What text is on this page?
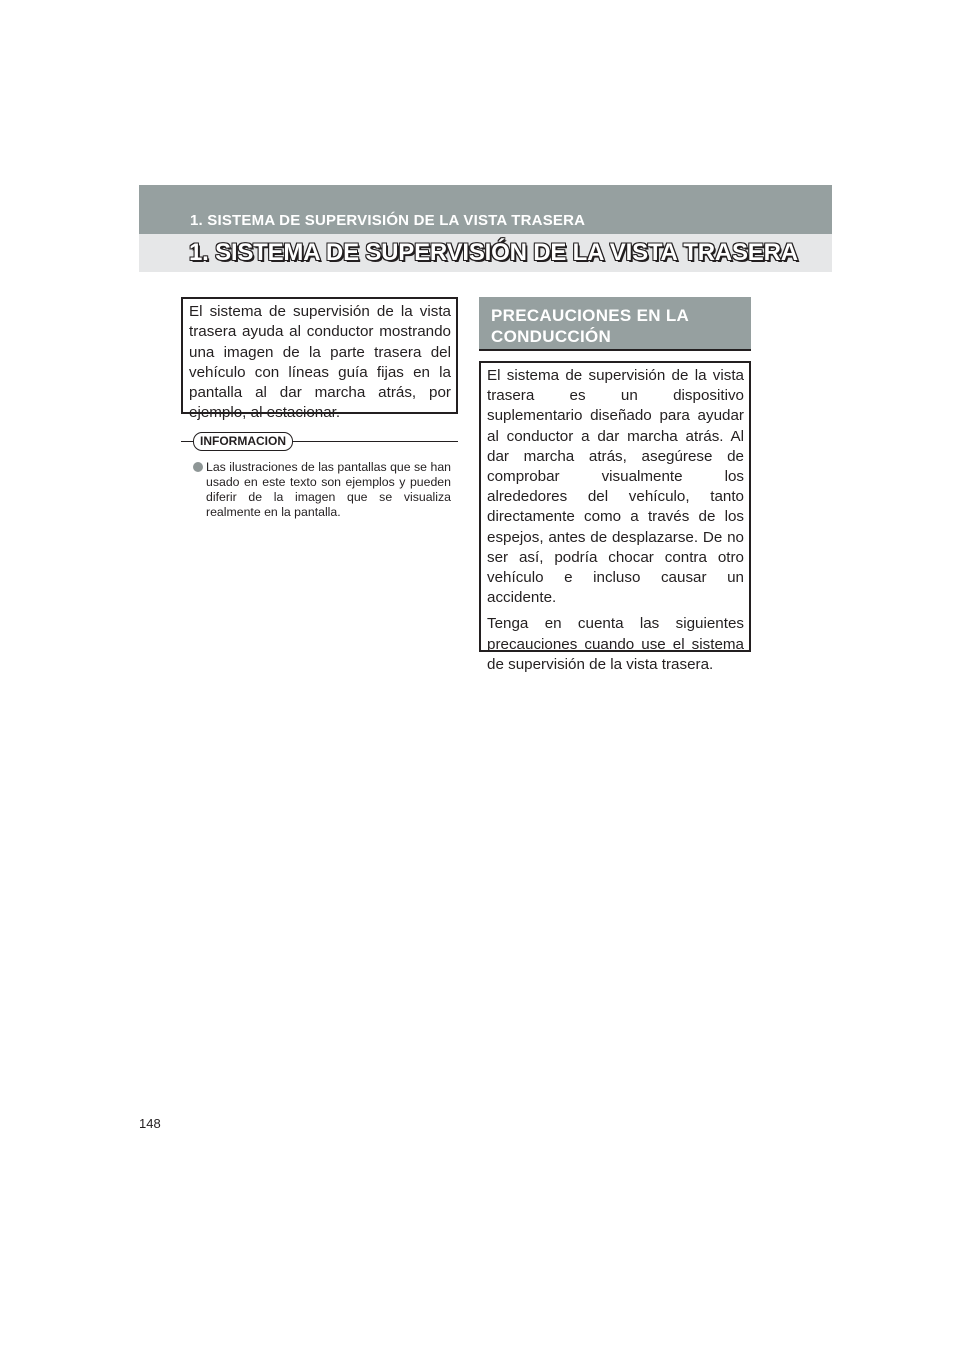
1. SISTEMA DE SUPERVISIÓN DE LA VISTA TRASERA
1. SISTEMA DE SUPERVISIÓN DE LA VISTA TRASERA
El sistema de supervisión de la vista trasera ayuda al conductor mostrando una imagen de la parte trasera del vehículo con líneas guía fijas en la pantalla al dar marcha atrás, por ejemplo, al estacionar.
INFORMACION
Las ilustraciones de las pantallas que se han usado en este texto son ejemplos y pueden diferir de la imagen que se visualiza realmente en la pantalla.
PRECAUCIONES EN LA CONDUCCIÓN

El sistema de supervisión de la vista trasera es un dispositivo suplementario diseñado para ayudar al conductor a dar marcha atrás. Al dar marcha atrás, asegúrese de comprobar visualmente los alrededores del vehículo, tanto directamente como a través de los espejos, antes de desplazarse. De no ser así, podría chocar contra otro vehículo e incluso causar un accidente.

Tenga en cuenta las siguientes precauciones cuando use el sistema de supervisión de la vista trasera.

148
